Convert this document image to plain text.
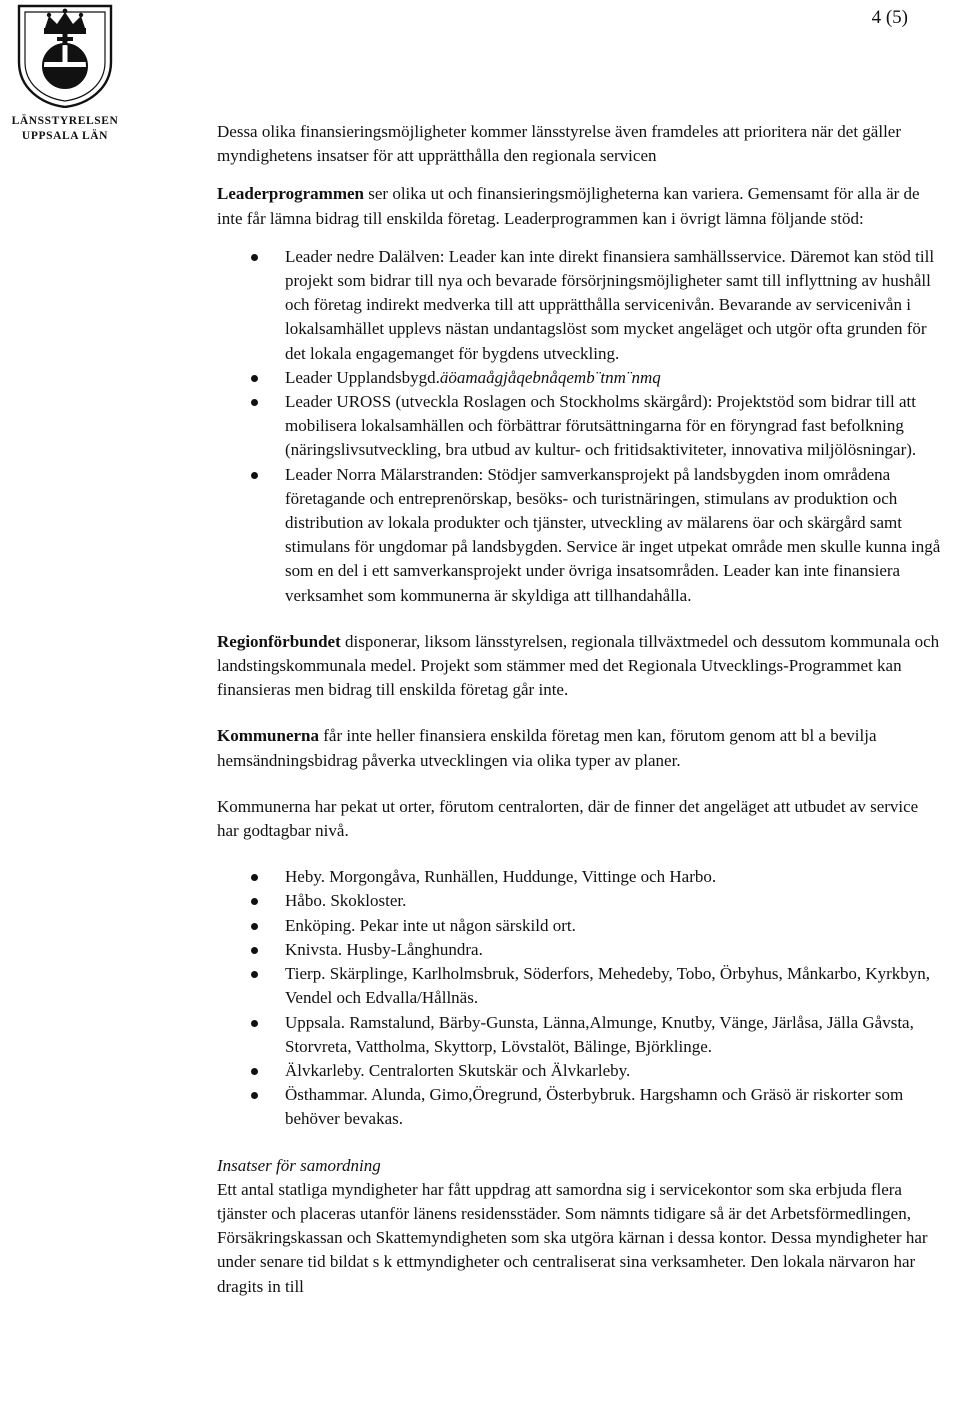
4 (5)
LÄNSSTYRELSEN
UPPSALA LÄN	Dessa olika finansieringsmöjligheter kommer länsstyrelse även framdeles att prioritera när det gäller myndighetens insatser för att upprätthålla den regionala servicen

Leaderprogrammen ser olika ut och finansieringsmöjligheterna kan variera. Gemensamt för alla är de inte får lämna bidrag till enskilda företag. Leaderprogrammen kan i övrigt lämna följande stöd:

Leader nedre Dalälven: Leader kan inte direkt finansiera samhällsservice. Däremot kan stöd till projekt som bidrar till nya och bevarade försörjningsmöjligheter samt till inflyttning av hushåll och företag indirekt medverka till att upprätthålla servicenivån. Bevarande av servicenivån i lokalsamhället upplevs nästan undantagslöst som mycket angeläget och utgör ofta grunden för det lokala engagemanget för bygdens utveckling.
Leader Upplandsbygd.äöamaågjåqebnåqemb¨tnm¨nmq
Leader UROSS (utveckla Roslagen och Stockholms skärgård): Projektstöd som bidrar till att mobilisera lokalsamhällen och förbättrar förutsättningarna för en föryngrad fast befolkning (näringslivsutveckling, bra utbud av kultur- och fritidsaktiviteter, innovativa miljölösningar).
Leader Norra Mälarstranden: Stödjer samverkansprojekt på landsbygden inom områdena företagande och entreprenörskap, besöks- och turistnäringen, stimulans av produktion och distribution av lokala produkter och tjänster, utveckling av mälarens öar och skärgård samt stimulans för ungdomar på landsbygden. Service är inget utpekat område men skulle kunna ingå som en del i ett samverkansprojekt under övriga insatsområden. Leader kan inte finansiera verksamhet som kommunerna är skyldiga att tillhandahålla.

Regionförbundet disponerar, liksom länsstyrelsen, regionala tillväxtmedel och dessutom kommunala och landstingskommunala medel. Projekt som stämmer med det Regionala Utvecklings-Programmet kan finansieras men bidrag till enskilda företag går inte.

Kommunerna får inte heller finansiera enskilda företag men kan, förutom genom att bl a bevilja hemsändningsbidrag påverka utvecklingen via olika typer av planer.

Kommunerna har pekat ut orter, förutom centralorten, där de finner det angeläget att utbudet av service har godtagbar nivå.

Heby. Morgongåva, Runhällen, Huddunge, Vittinge och Harbo.
Håbo. Skokloster.
Enköping. Pekar inte ut någon särskild ort.
Knivsta. Husby-Långhundra.
Tierp. Skärplinge, Karlholmsbruk, Söderfors, Mehedeby, Tobo, Örbyhus, Månkarbo, Kyrkbyn, Vendel och Edvalla/Hållnäs.
Uppsala. Ramstalund, Bärby-Gunsta, Länna,Almunge, Knutby, Vänge, Järlåsa, Jälla Gåvsta, Storvreta, Vattholma, Skyttorp, Lövstalöt, Bälinge, Björklinge.
Älvkarleby. Centralorten Skutskär och Älvkarleby.
Östhammar. Alunda, Gimo,Öregrund, Österbybruk. Hargshamn och Gräsö är riskorter som behöver bevakas.

Insatser för samordning

Ett antal statliga myndigheter har fått uppdrag att samordna sig i servicekontor som ska erbjuda flera tjänster och placeras utanför länens residensstäder. Som nämnts tidigare så är det Arbetsförmedlingen, Försäkringskassan och Skattemyndigheten som ska utgöra kärnan i dessa kontor. Dessa myndigheter har under senare tid bildat s k ettmyndigheter och centraliserat sina verksamheter. Den lokala närvaron har dragits in till
